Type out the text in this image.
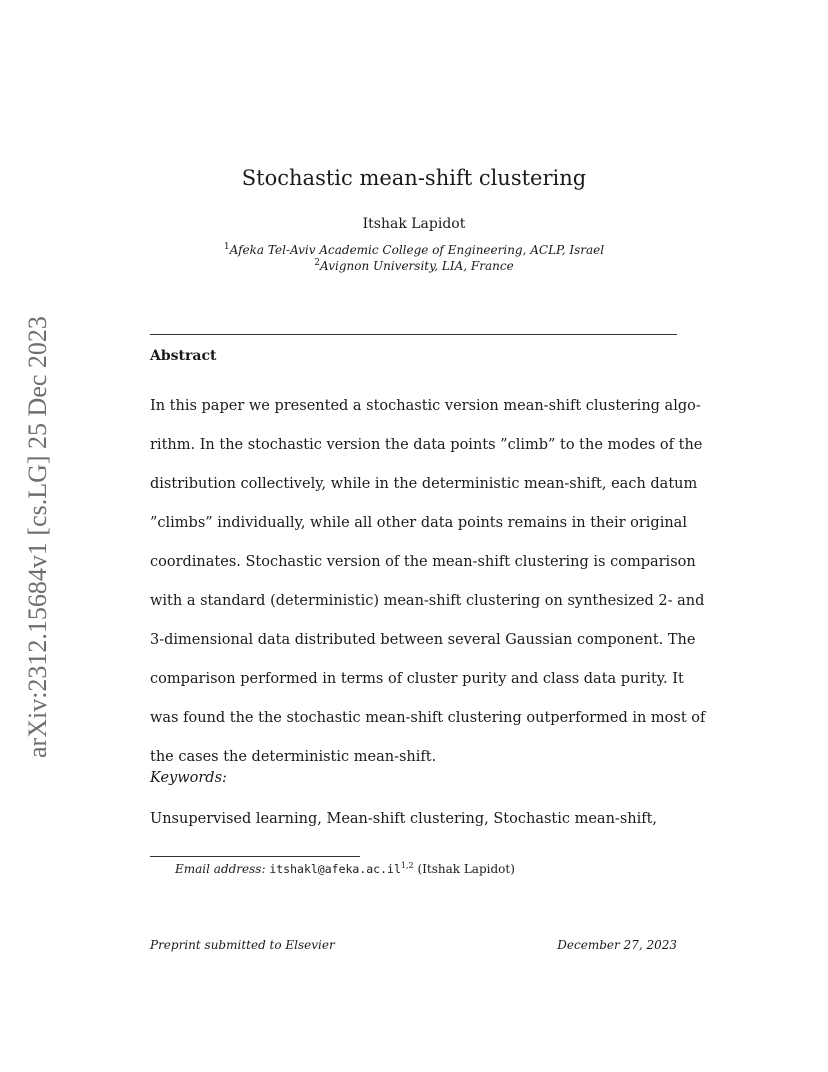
arXiv:2312.15684v1 [cs.LG] 25 Dec 2023
Stochastic mean-shift clustering
Itshak Lapidot
$^1$Afeka Tel-Aviv Academic College of Engineering, ACLP, Israel
$^2$Avignon University, LIA, France
Abstract
In this paper we presented a stochastic version mean-shift clustering algo-
rithm. In the stochastic version the data points ”climb” to the modes of the
distribution collectively, while in the deterministic mean-shift, each datum
”climbs” individually, while all other data points remains in their original
coordinates. Stochastic version of the mean-shift clustering is comparison
with a standard (deterministic) mean-shift clustering on synthesized 2- and
3-dimensional data distributed between several Gaussian component. The
comparison performed in terms of cluster purity and class data purity. It
was found the the stochastic mean-shift clustering outperformed in most of
the cases the deterministic mean-shift.
Keywords:
Unsupervised learning, Mean-shift clustering, Stochastic mean-shift,
Email address: itshakl@afeka.ac.il$^{1,2}$ (Itshak Lapidot)
Preprint submitted to Elsevier	December 27, 2023
